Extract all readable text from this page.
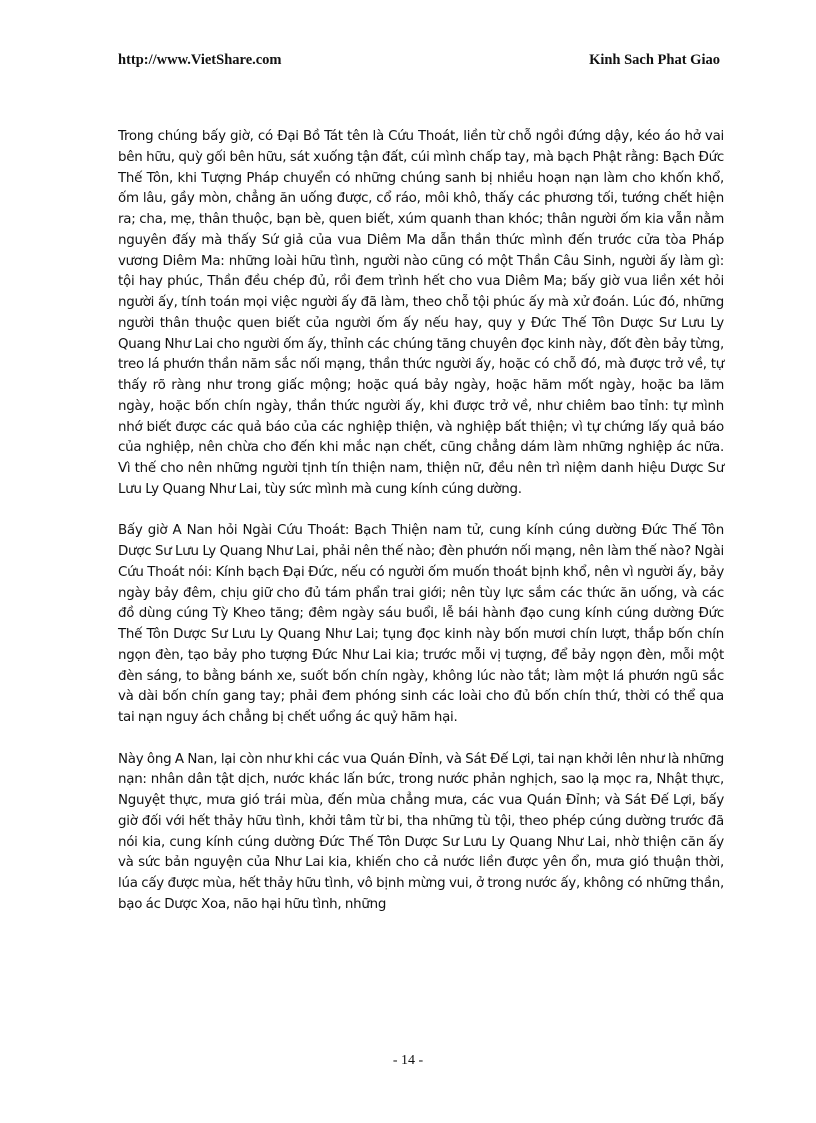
http://www.VietShare.com	Kinh Sach Phat Giao

Trong chúng bấy giờ, có Đại Bồ Tát tên là Cứu Thoát, liền từ chỗ ngồi đứng dậy, kéo áo hở vai bên hữu, quỳ gối bên hữu, sát xuống tận đất, cúi mình chấp tay, mà bạch Phật rằng: Bạch Đức Thế Tôn, khi Tượng Pháp chuyển có những chúng sanh bị nhiều hoạn nạn làm cho khốn khổ, ốm lâu, gầy mòn, chẳng ăn uống được, cổ ráo, môi khô, thấy các phương tối, tướng chết hiện ra; cha, mẹ, thân thuộc, bạn bè, quen biết, xúm quanh than khóc; thân người ốm kia vẫn nằm nguyên đấy mà thấy Sứ giả của vua Diêm Ma dẫn thần thức mình đến trước cửa tòa Pháp vương Diêm Ma: những loài hữu tình, người nào cũng có một Thần Câu Sinh, người ấy làm gì: tội hay phúc, Thần đều chép đủ, rồi đem trình hết cho vua Diêm Ma; bấy giờ vua liền xét hỏi người ấy, tính toán mọi việc người ấy đã làm, theo chỗ tội phúc ấy mà xử đoán. Lúc đó, những người thân thuộc quen biết của người ốm ấy nếu hay, quy y Đức Thế Tôn Dược Sư Lưu Ly Quang Như Lai cho người ốm ấy, thỉnh các chúng tăng chuyên đọc kinh này, đốt đèn bảy từng, treo lá phướn thần năm sắc nối mạng, thần thức người ấy, hoặc có chỗ đó, mà được trở về, tự thấy rõ ràng như trong giấc mộng; hoặc quá bảy ngày, hoặc hăm mốt ngày, hoặc ba lăm ngày, hoặc bốn chín ngày, thần thức người ấy, khi được trở về, như chiêm bao tỉnh: tự mình nhớ biết được các quả báo của các nghiệp thiện, và nghiệp bất thiện; vì tự chứng lấy quả báo của nghiệp, nên chừa cho đến khi mắc nạn chết, cũng chẳng dám làm những nghiệp ác nữa. Vì thế cho nên những người tịnh tín thiện nam, thiện nữ, đều nên trì niệm danh hiệu Dược Sư Lưu Ly Quang Như Lai, tùy sức mình mà cung kính cúng dường.

Bấy giờ A Nan hỏi Ngài Cứu Thoát: Bạch Thiện nam tử, cung kính cúng dường Đức Thế Tôn Dược Sư Lưu Ly Quang Như Lai, phải nên thế nào; đèn phướn nối mạng, nên làm thế nào? Ngài Cứu Thoát nói: Kính bạch Đại Đức, nếu có người ốm muốn thoát bịnh khổ, nên vì người ấy, bảy ngày bảy đêm, chịu giữ cho đủ tám phẩn trai giới; nên tùy lực sắm các thức ăn uống, và các đồ dùng cúng Tỳ Kheo tăng; đêm ngày sáu buổi, lễ bái hành đạo cung kính cúng dường Đức Thế Tôn Dược Sư Lưu Ly Quang Như Lai; tụng đọc kinh này bốn mươi chín lượt, thắp bốn chín ngọn đèn, tạo bảy pho tượng Đức Như Lai kia; trước mỗi vị tượng, để bảy ngọn đèn, mỗi một đèn sáng, to bằng bánh xe, suốt bốn chín ngày, không lúc nào tắt; làm một lá phướn ngũ sắc và dài bốn chín gang tay; phải đem phóng sinh các loài cho đủ bốn chín thứ, thời có thể qua tai nạn nguy ách chẳng bị chết uổng ác quỷ hãm hại.

Này ông A Nan, lại còn như khi các vua Quán Đỉnh, và Sát Đế Lợi, tai nạn khởi lên như là những nạn: nhân dân tật dịch, nước khác lấn bức, trong nước phản nghịch, sao lạ mọc ra, Nhật thực, Nguyệt thực, mưa gió trái mùa, đến mùa chẳng mưa, các vua Quán Đỉnh; và Sát Đế Lợi, bấy giờ đối với hết thảy hữu tình, khởi tâm từ bi, tha những tù tội, theo phép cúng dường trước đã nói kia, cung kính cúng dường Đức Thế Tôn Dược Sư Lưu Ly Quang Như Lai, nhờ thiện căn ấy và sức bản nguyện của Như Lai kia, khiến cho cả nước liền được yên ổn, mưa gió thuận thời, lúa cấy được mùa, hết thảy hữu tình, vô bịnh mừng vui, ở trong nước ấy, không có những thần, bạo ác Dược Xoa, não hại hữu tình, những

- 14 -
